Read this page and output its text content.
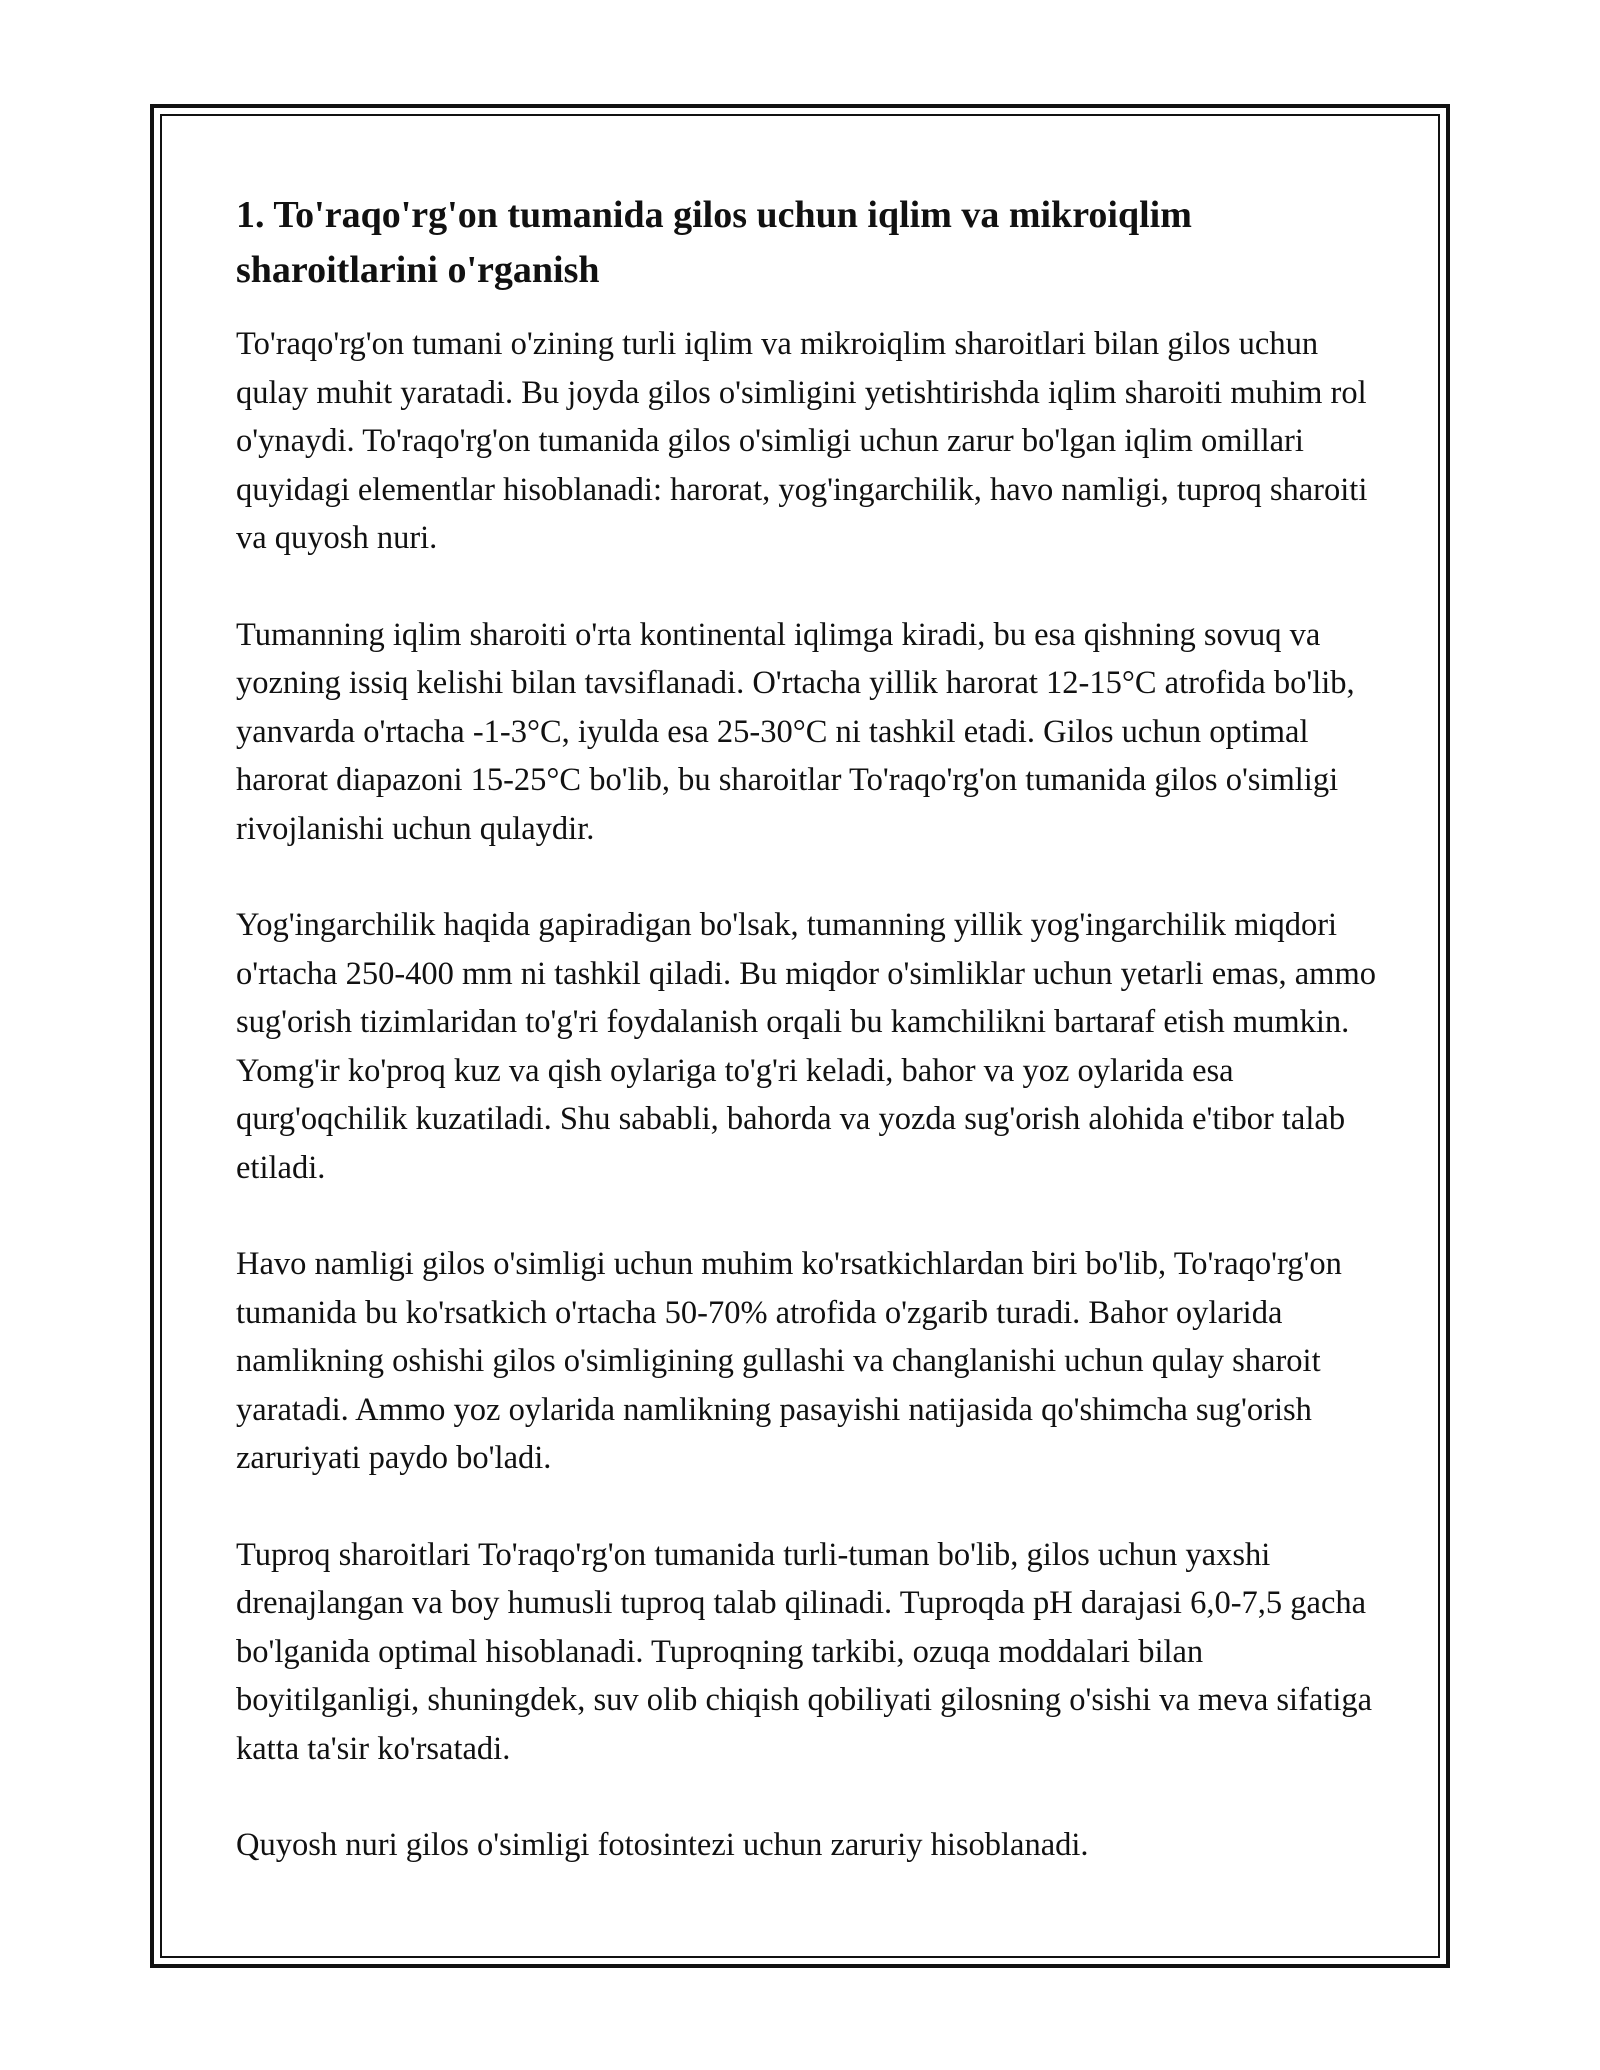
1. To'raqo'rg'on tumanida gilos uchun iqlim va mikroiqlim sharoitlarini o'rganish

To'raqo'rg'on tumani o'zining turli iqlim va mikroiqlim sharoitlari bilan gilos uchun qulay muhit yaratadi. Bu joyda gilos o'simligini yetishtirishda iqlim sharoiti muhim rol o'ynaydi. To'raqo'rg'on tumanida gilos o'simligi uchun zarur bo'lgan iqlim omillari quyidagi elementlar hisoblanadi: harorat, yog'ingarchilik, havo namligi, tuproq sharoiti va quyosh nuri.

Tumanning iqlim sharoiti o'rta kontinental iqlimga kiradi, bu esa qishning sovuq va yozning issiq kelishi bilan tavsiflanadi. O'rtacha yillik harorat 12-15°C atrofida bo'lib, yanvarda o'rtacha -1-3°C, iyulda esa 25-30°C ni tashkil etadi. Gilos uchun optimal harorat diapazoni 15-25°C bo'lib, bu sharoitlar To'raqo'rg'on tumanida gilos o'simligi rivojlanishi uchun qulaydir.

Yog'ingarchilik haqida gapiradigan bo'lsak, tumanning yillik yog'ingarchilik miqdori o'rtacha 250-400 mm ni tashkil qiladi. Bu miqdor o'simliklar uchun yetarli emas, ammo sug'orish tizimlaridan to'g'ri foydalanish orqali bu kamchilikni bartaraf etish mumkin. Yomg'ir ko'proq kuz va qish oylariga to'g'ri keladi, bahor va yoz oylarida esa qurg'oqchilik kuzatiladi. Shu sababli, bahorda va yozda sug'orish alohida e'tibor talab etiladi.

Havo namligi gilos o'simligi uchun muhim ko'rsatkichlardan biri bo'lib, To'raqo'rg'on tumanida bu ko'rsatkich o'rtacha 50-70% atrofida o'zgarib turadi. Bahor oylarida namlikning oshishi gilos o'simligining gullashi va changlanishi uchun qulay sharoit yaratadi. Ammo yoz oylarida namlikning pasayishi natijasida qo'shimcha sug'orish zaruriyati paydo bo'ladi.

Tuproq sharoitlari To'raqo'rg'on tumanida turli-tuman bo'lib, gilos uchun yaxshi drenajlangan va boy humusli tuproq talab qilinadi. Tuproqda pH darajasi 6,0-7,5 gacha bo'lganida optimal hisoblanadi. Tuproqning tarkibi, ozuqa moddalari bilan boyitilganligi, shuningdek, suv olib chiqish qobiliyati gilosning o'sishi va meva sifatiga katta ta'sir ko'rsatadi.

Quyosh nuri gilos o'simligi fotosintezi uchun zaruriy hisoblanadi.
